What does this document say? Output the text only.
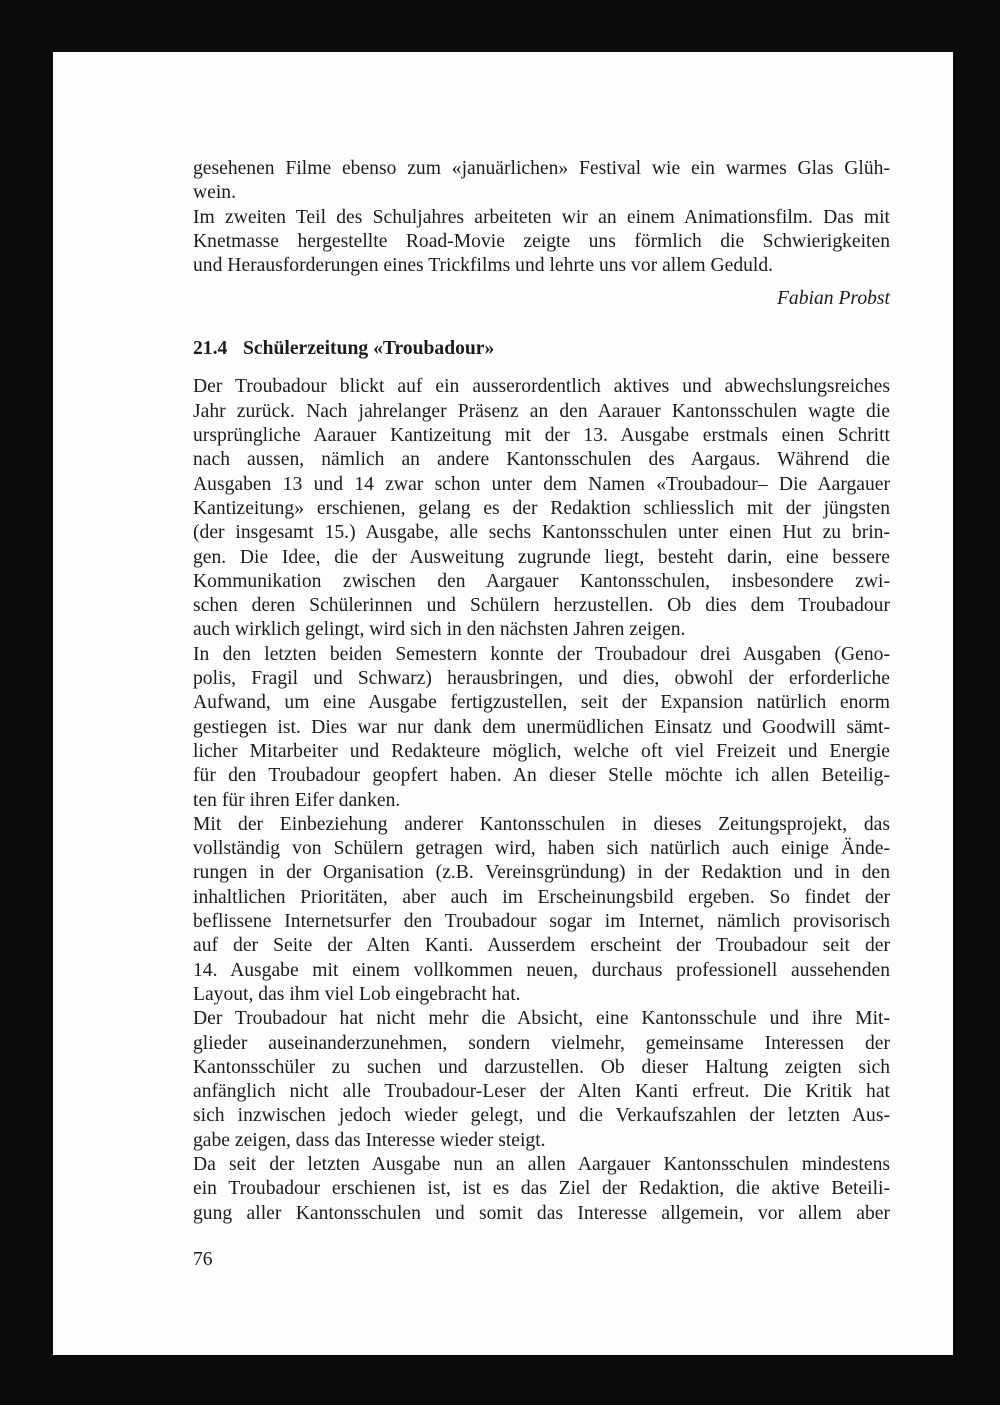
gesehenen Filme ebenso zum «januärlichen» Festival wie ein warmes Glas Glüh-
wein.
Im zweiten Teil des Schuljahres arbeiteten wir an einem Animationsfilm. Das mit
Knetmasse hergestellte Road-Movie zeigte uns förmlich die Schwierigkeiten
und Herausforderungen eines Trickfilms und lehrte uns vor allem Geduld.
Fabian Probst
21.4 Schülerzeitung «Troubadour»
Der Troubadour blickt auf ein ausserordentlich aktives und abwechslungsreiches
Jahr zurück. Nach jahrelanger Präsenz an den Aarauer Kantonsschulen wagte die
ursprüngliche Aarauer Kantizeitung mit der 13. Ausgabe erstmals einen Schritt
nach aussen, nämlich an andere Kantonsschulen des Aargaus. Während die
Ausgaben 13 und 14 zwar schon unter dem Namen «Troubadour– Die Aargauer
Kantizeitung» erschienen, gelang es der Redaktion schliesslich mit der jüngsten
(der insgesamt 15.) Ausgabe, alle sechs Kantonsschulen unter einen Hut zu brin-
gen. Die Idee, die der Ausweitung zugrunde liegt, besteht darin, eine bessere
Kommunikation zwischen den Aargauer Kantonsschulen, insbesondere zwi-
schen deren Schülerinnen und Schülern herzustellen. Ob dies dem Troubadour
auch wirklich gelingt, wird sich in den nächsten Jahren zeigen.
In den letzten beiden Semestern konnte der Troubadour drei Ausgaben (Geno-
polis, Fragil und Schwarz) herausbringen, und dies, obwohl der erforderliche
Aufwand, um eine Ausgabe fertigzustellen, seit der Expansion natürlich enorm
gestiegen ist. Dies war nur dank dem unermüdlichen Einsatz und Goodwill sämt-
licher Mitarbeiter und Redakteure möglich, welche oft viel Freizeit und Energie
für den Troubadour geopfert haben. An dieser Stelle möchte ich allen Beteilig-
ten für ihren Eifer danken.
Mit der Einbeziehung anderer Kantonsschulen in dieses Zeitungsprojekt, das
vollständig von Schülern getragen wird, haben sich natürlich auch einige Ände-
rungen in der Organisation (z.B. Vereinsgründung) in der Redaktion und in den
inhaltlichen Prioritäten, aber auch im Erscheinungsbild ergeben. So findet der
beflissene Internetsurfer den Troubadour sogar im Internet, nämlich provisorisch
auf der Seite der Alten Kanti. Ausserdem erscheint der Troubadour seit der
14. Ausgabe mit einem vollkommen neuen, durchaus professionell aussehenden
Layout, das ihm viel Lob eingebracht hat.
Der Troubadour hat nicht mehr die Absicht, eine Kantonsschule und ihre Mit-
glieder auseinanderzunehmen, sondern vielmehr, gemeinsame Interessen der
Kantonsschüler zu suchen und darzustellen. Ob dieser Haltung zeigten sich
anfänglich nicht alle Troubadour-Leser der Alten Kanti erfreut. Die Kritik hat
sich inzwischen jedoch wieder gelegt, und die Verkaufszahlen der letzten Aus-
gabe zeigen, dass das Interesse wieder steigt.
Da seit der letzten Ausgabe nun an allen Aargauer Kantonsschulen mindestens
ein Troubadour erschienen ist, ist es das Ziel der Redaktion, die aktive Beteili-
gung aller Kantonsschulen und somit das Interesse allgemein, vor allem aber
76
